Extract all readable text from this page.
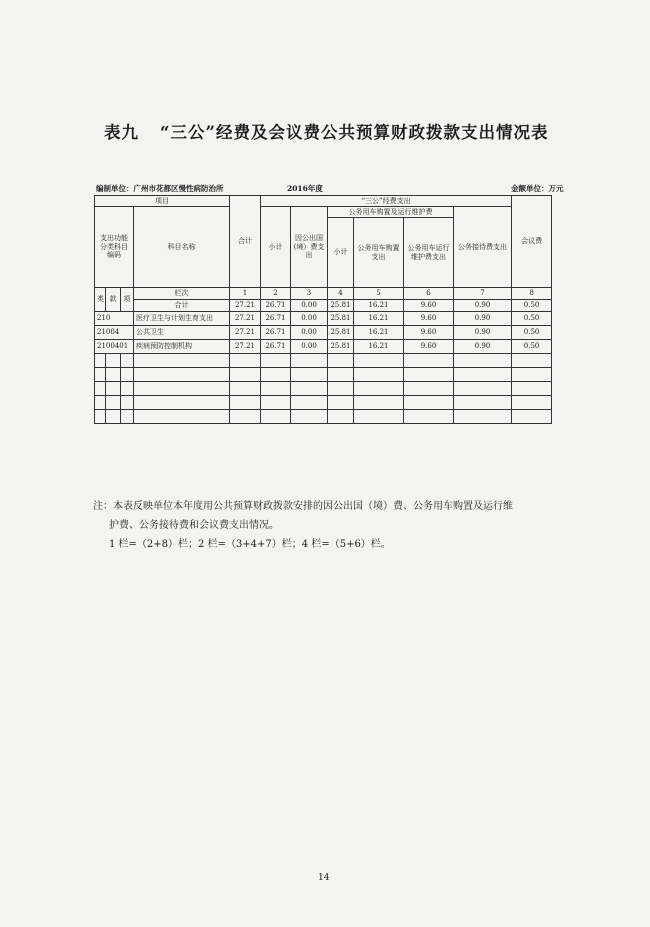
表九 “三公”经费及会议费公共预算财政拨款支出情况表
编制单位：广州市花都区慢性病防治所	2016年度	金额单位：万元
项目				合计	“三公”经费支出						会议费
支出功能分类科目编码			科目名称		小计	因公出国(境）费支出	公务用车购置及运行维护费			公务接待费支出	
							小计	公务用车购置支出	公务用车运行维护费支出		

类	款	项	栏次	1	2	3	4	5	6	7	8
			合计	27.21	26.71	0.00	25.81	16.21	9.60	0.90	0.50
210			医疗卫生与计划生育支出	27.21	26.71	0.00	25.81	16.21	9.60	0.90	0.50
21004			公共卫生	27.21	26.71	0.00	25.81	16.21	9.60	0.90	0.50
2100401			疾病预防控制机构	27.21	26.71	0.00	25.81	16.21	9.60	0.90	0.50

注：本表反映单位本年度用公共预算财政拨款安排的因公出国（境）费、公务用车购置及运行维
护费、公务接待费和会议费支出情况。
1 栏=（2+8）栏；2 栏=（3+4+7）栏；4 栏=（5+6）栏。
14
